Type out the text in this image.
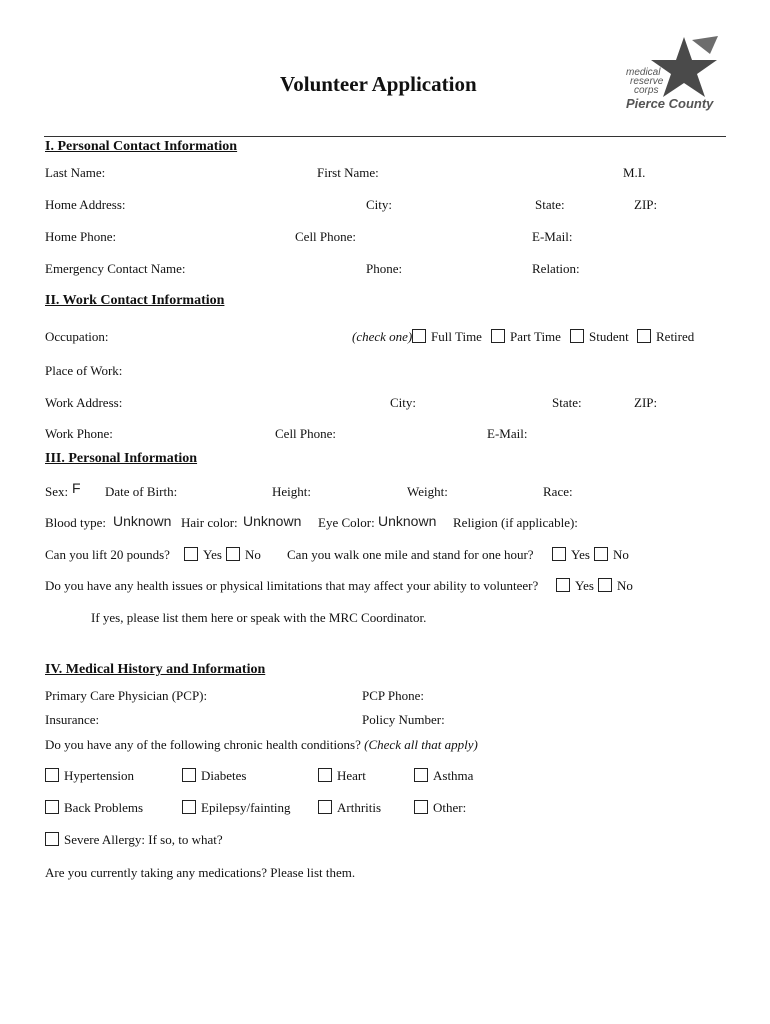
Volunteer Application	medical
reserve
corps
Pierce County
I. Personal Contact Information
Last Name:	First Name:	M.I.
Home Address:	City:	State:	ZIP:
Home Phone:	Cell Phone:	E-Mail:
Emergency Contact Name:	Phone:	Relation:
II. Work Contact Information
Occupation:	(check one)	Full Time	Part Time	Student	Retired
Place of Work:
Work Address:	City:	State:	ZIP:
Work Phone:	Cell Phone:	E-Mail:
III. Personal Information
Sex: F Date of Birth:	Height:	Weight:	Race:
Blood type: Unknown Hair color: Unknown Eye Color: Unknown Religion (if applicable):
Can you lift 20 pounds?	Yes	No Can you walk one mile and stand for one hour?	Yes	No
Do you have any health issues or physical limitations that may affect your ability to volunteer?	Yes	No
If yes, please list them here or speak with the MRC Coordinator.
IV. Medical History and Information
Primary Care Physician (PCP):	PCP Phone:
Insurance:	Policy Number:
Do you have any of the following chronic health conditions? (Check all that apply)
Hypertension	Diabetes	Heart	Asthma
Back Problems	Epilepsy/fainting	Arthritis	Other:
Severe Allergy: If so, to what?
Are you currently taking any medications? Please list them.
